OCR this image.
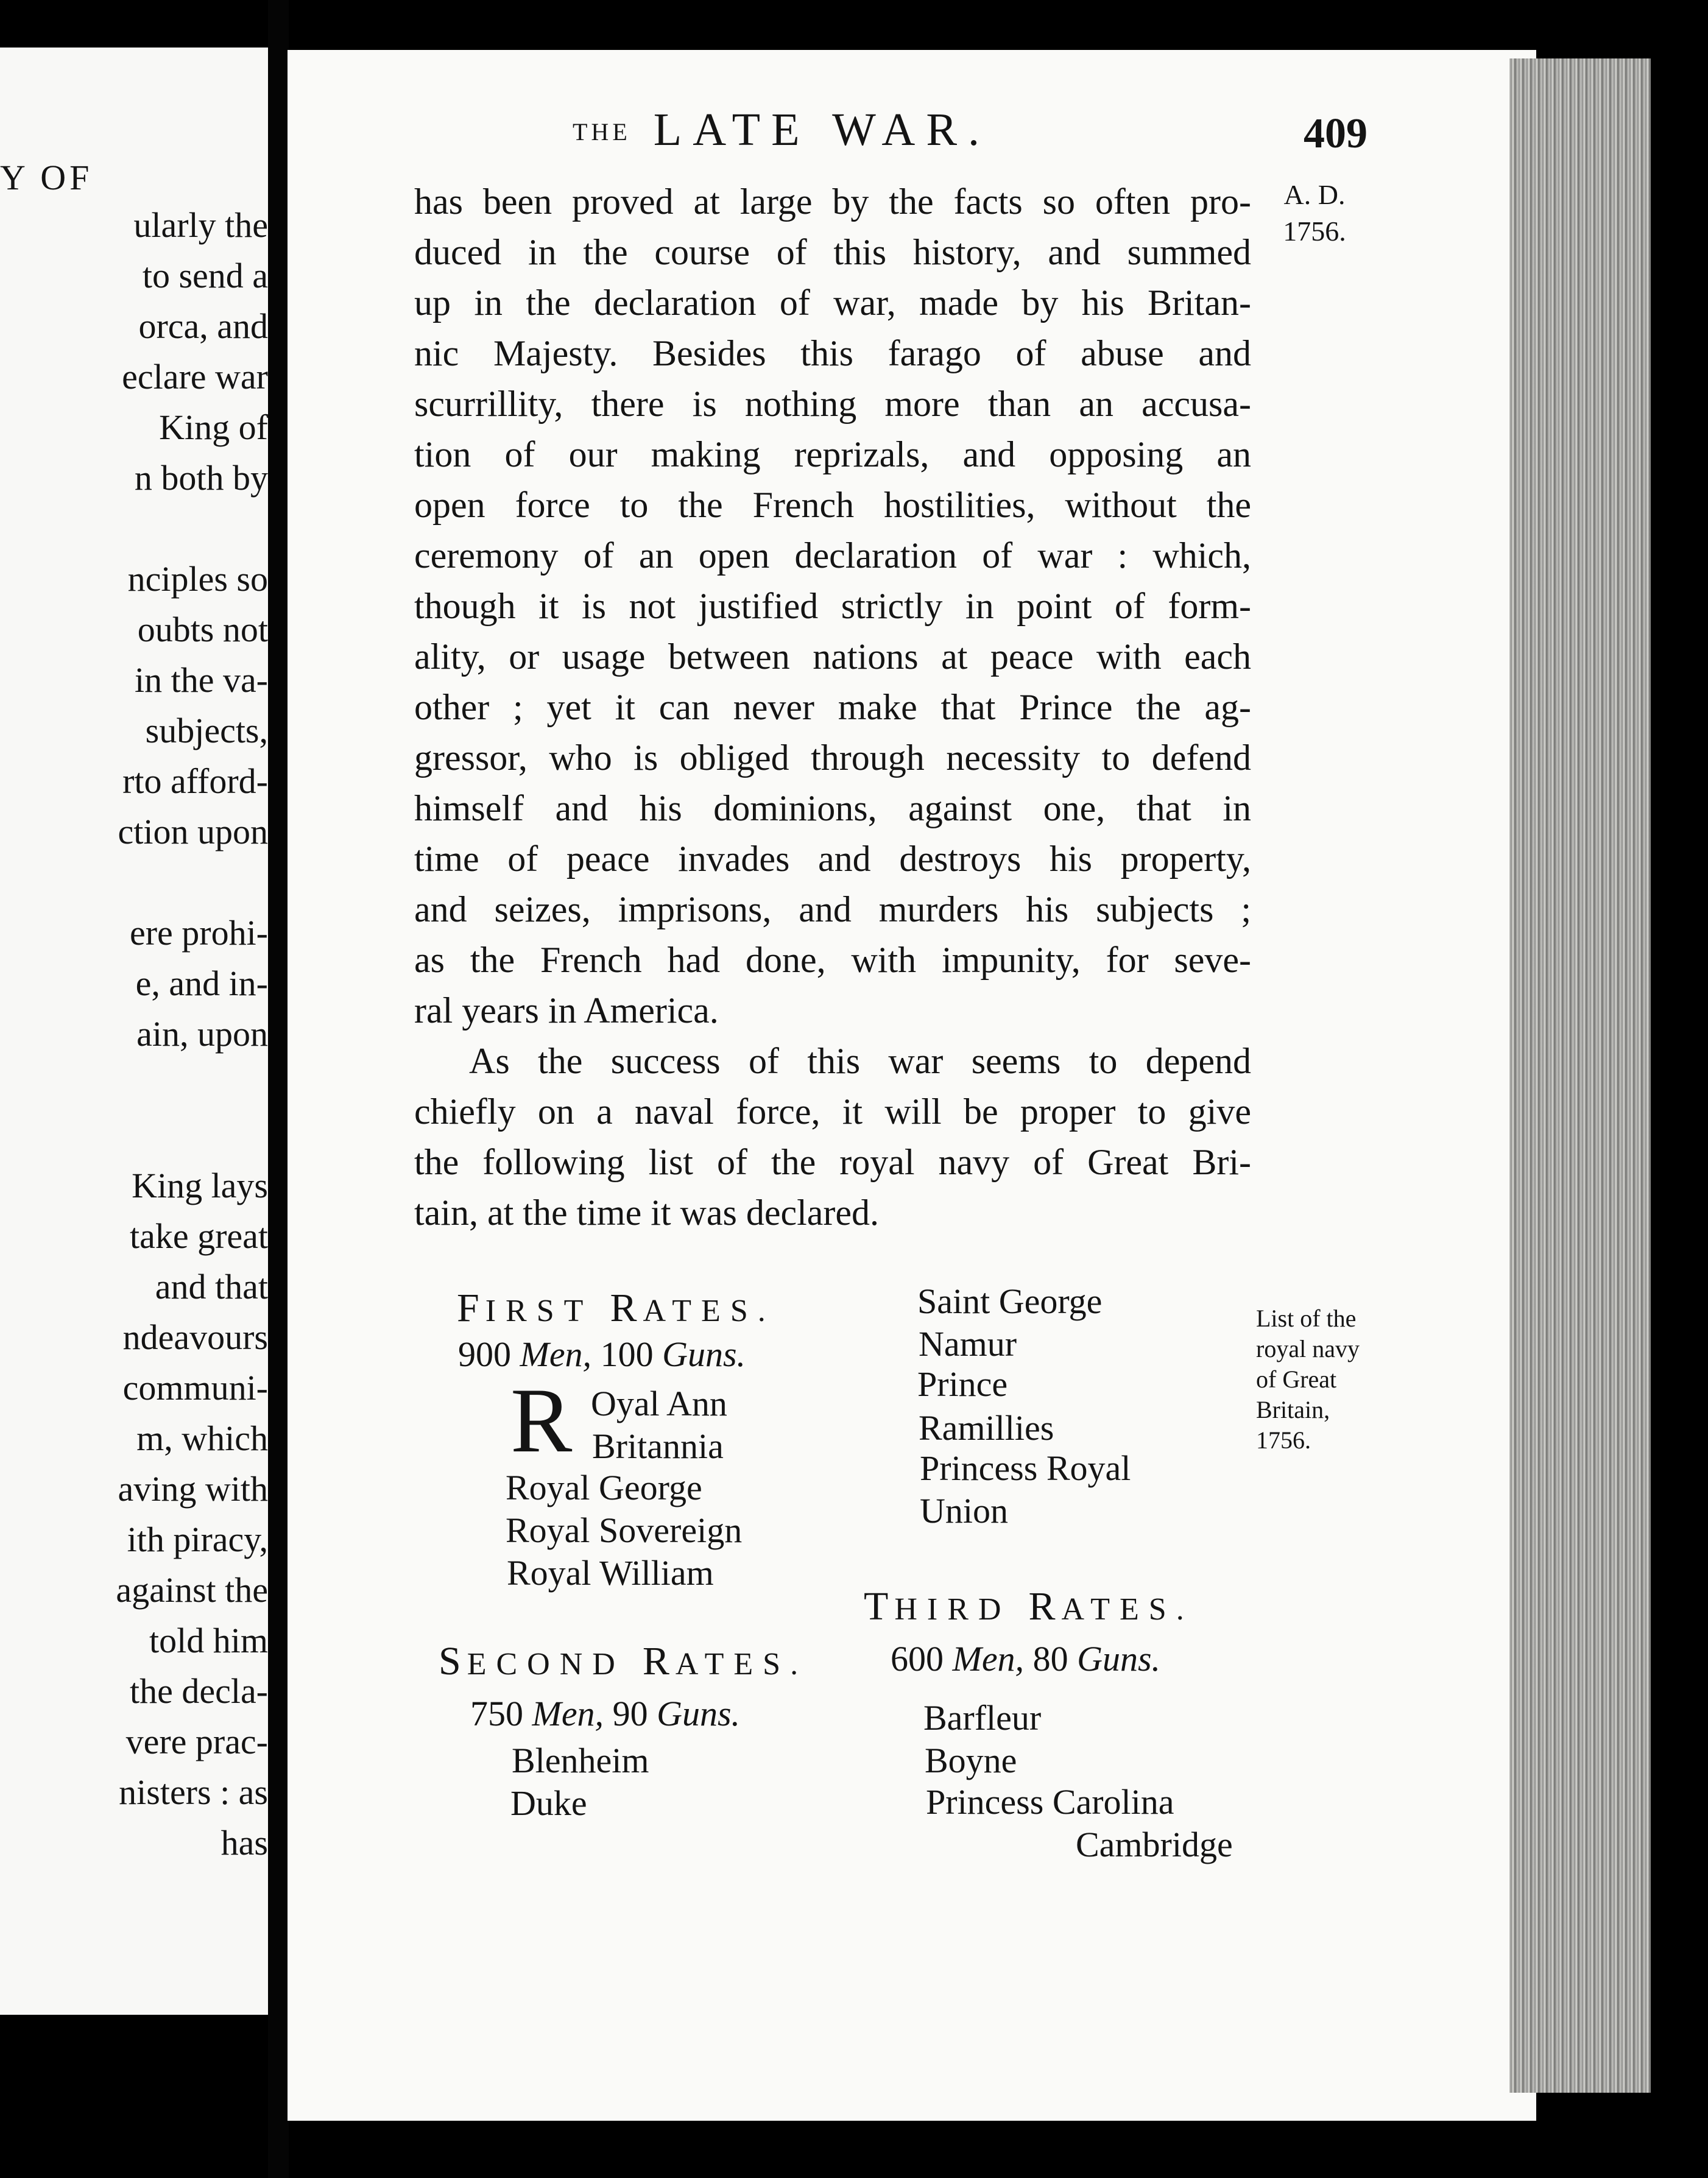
Y OF
ularly the
to send a
orca, and
eclare war
King of
n both by
nciples so
oubts not
in the va-
subjects,
rto afford-
ction upon
ere prohi-
e, and in-
ain, upon
King lays
take great
and that
ndeavours
communi-
m, which
aving with
ith piracy,
against the
told him
the decla-
vere prac-
nisters : as
has
THE LATE WAR.	409
A. D.
1756.
has been proved at large by the facts so often pro-
duced in the course of this history, and summed
up in the declaration of war, made by his Britan-
nic Majesty. Besides this farago of abuse and
scurrillity, there is nothing more than an accusa-
tion of our making reprizals, and opposing an
open force to the French hostilities, without the
ceremony of an open declaration of war : which,
though it is not justified strictly in point of form-
ality, or usage between nations at peace with each
other ; yet it can never make that Prince the ag-
gressor, who is obliged through necessity to defend
himself and his dominions, against one, that in
time of peace invades and destroys his property,
and seizes, imprisons, and murders his subjects ;
as the French had done, with impunity, for seve-
ral years in America.
As the success of this war seems to depend
chiefly on a naval force, it will be proper to give
the following list of the royal navy of Great Bri-
tain, at the time it was declared.
FIRST RATES.
900 Men, 100 Guns.
R Oyal Ann
Britannia
Royal George
Royal Sovereign
Royal William
Saint George
Namur
Prince
Ramillies
Princess Royal
Union
SECOND RATES.
750 Men, 90 Guns.
Blenheim
Duke
THIRD RATES.
600 Men, 80 Guns.
Barfleur
Boyne
Princess Carolina
Cambridge
List of the
royal navy
of Great
Britain,
1756.
